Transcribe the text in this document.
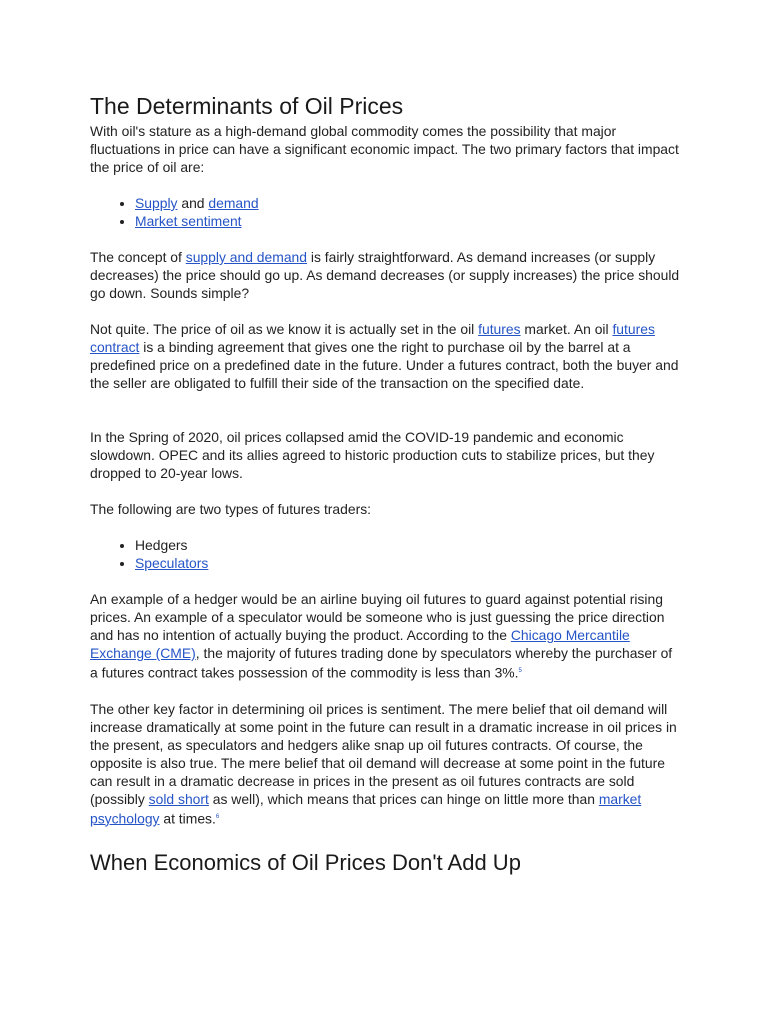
The Determinants of Oil Prices

With oil's stature as a high-demand global commodity comes the possibility that major fluctuations in price can have a significant economic impact. The two primary factors that impact the price of oil are:

• Supply and demand
• Market sentiment

The concept of supply and demand is fairly straightforward. As demand increases (or supply decreases) the price should go up. As demand decreases (or supply increases) the price should go down. Sounds simple?

Not quite. The price of oil as we know it is actually set in the oil futures market. An oil futures contract is a binding agreement that gives one the right to purchase oil by the barrel at a predefined price on a predefined date in the future. Under a futures contract, both the buyer and the seller are obligated to fulfill their side of the transaction on the specified date.

In the Spring of 2020, oil prices collapsed amid the COVID-19 pandemic and economic slowdown. OPEC and its allies agreed to historic production cuts to stabilize prices, but they dropped to 20-year lows.

The following are two types of futures traders:

• Hedgers
• Speculators

An example of a hedger would be an airline buying oil futures to guard against potential rising prices. An example of a speculator would be someone who is just guessing the price direction and has no intention of actually buying the product. According to the Chicago Mercantile Exchange (CME), the majority of futures trading done by speculators whereby the purchaser of a futures contract takes possession of the commodity is less than 3%.$^5$

The other key factor in determining oil prices is sentiment. The mere belief that oil demand will increase dramatically at some point in the future can result in a dramatic increase in oil prices in the present, as speculators and hedgers alike snap up oil futures contracts. Of course, the opposite is also true. The mere belief that oil demand will decrease at some point in the future can result in a dramatic decrease in prices in the present as oil futures contracts are sold (possibly sold short as well), which means that prices can hinge on little more than market psychology at times.$^6$

When Economics of Oil Prices Don't Add Up
